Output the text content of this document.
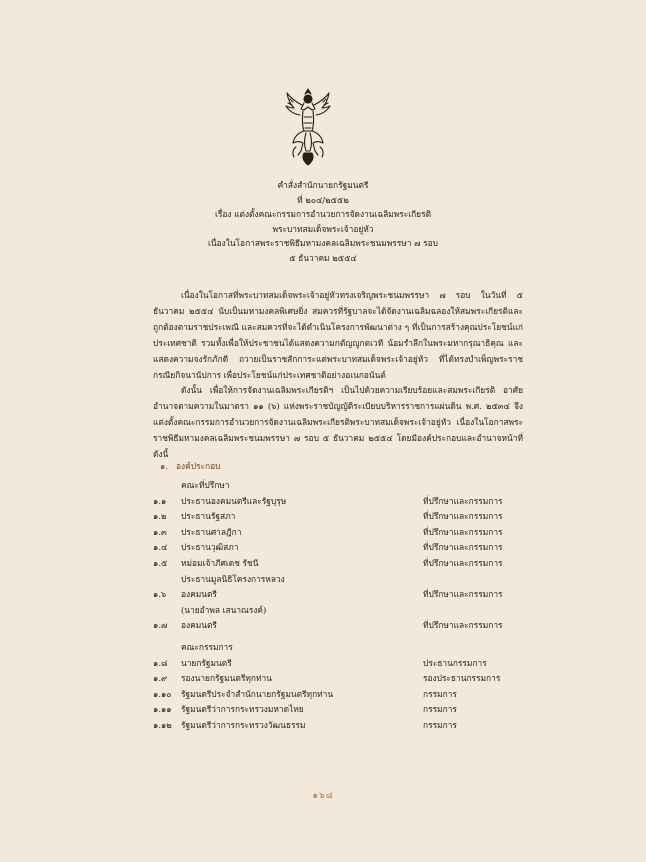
คำสั่งสำนักนายกรัฐมนตรี
ที่ ๒๐๔/๒๕๕๒
เรื่อง แต่งตั้งคณะกรรมการอำนวยการจัดงานเฉลิมพระเกียรติ
พระบาทสมเด็จพระเจ้าอยู่หัว
เนื่องในโอกาสพระราชพิธีมหามงคลเฉลิมพระชนมพรรษา ๗ รอบ
๕ ธันวาคม ๒๕๕๔
เนื่องในโอกาสที่พระบาทสมเด็จพระเจ้าอยู่หัวทรงเจริญพระชนมพรรษา ๗ รอบ ในวันที่ ๕ ธันวาคม ๒๕๕๔ นับเป็นมหามงคลพิเศษยิ่ง สมควรที่รัฐบาลจะได้จัดงานเฉลิมฉลองให้สมพระเกียรติและถูกต้องตามราชประเพณี และสมควรที่จะได้ดำเนินโครงการพัฒนาต่าง ๆ ที่เป็นการสร้างคุณประโยชน์แก่ประเทศชาติ รวมทั้งเพื่อให้ประชาชนได้แสดงความกตัญญูกตเวที น้อมรำลึกในพระมหากรุณาธิคุณ และแสดงความจงรักภักดี ถวายเป็นราชสักการะแด่พระบาทสมเด็จพระเจ้าอยู่หัว ที่ได้ทรงบำเพ็ญพระราชกรณียกิจนานัปการ เพื่อประโยชน์แก่ประเทศชาติอย่างอเนกอนันต์
ดังนั้น เพื่อให้การจัดงานเฉลิมพระเกียรติฯ เป็นไปด้วยความเรียบร้อยและสมพระเกียรติ อาศัยอำนาจตามความในมาตรา ๑๑ (๖) แห่งพระราชบัญญัติระเบียบบริหารราชการแผ่นดิน พ.ศ. ๒๕๓๔ จึงแต่งตั้งคณะกรรมการอำนวยการจัดงานเฉลิมพระเกียรติพระบาทสมเด็จพระเจ้าอยู่หัว เนื่องในโอกาสพระราชพิธีมหามงคลเฉลิมพระชนมพรรษา ๗ รอบ ๕ ธันวาคม ๒๕๕๔ โดยมีองค์ประกอบและอำนาจหน้าที่ ดังนี้
๑. องค์ประกอบ
คณะที่ปรึกษา
๑.๑	ประธานองคมนตรีและรัฐบุรุษ	ที่ปรึกษาและกรรมการ
๑.๒	ประธานรัฐสภา	ที่ปรึกษาและกรรมการ
๑.๓	ประธานศาลฎีกา	ที่ปรึกษาและกรรมการ
๑.๔	ประธานวุฒิสภา	ที่ปรึกษาและกรรมการ
๑.๕	หม่อมเจ้าภีศเดช รัชนี	ที่ปรึกษาและกรรมการ
ประธานมูลนิธิโครงการหลวง
๑.๖	องคมนตรี	ที่ปรึกษาและกรรมการ
(นายอำพล เสนาณรงค์)
๑.๗	องคมนตรี	ที่ปรึกษาและกรรมการ
คณะกรรมการ
๑.๘	นายกรัฐมนตรี	ประธานกรรมการ
๑.๙	รองนายกรัฐมนตรีทุกท่าน	รองประธานกรรมการ
๑.๑๐	รัฐมนตรีประจำสำนักนายกรัฐมนตรีทุกท่าน	กรรมการ
๑.๑๑	รัฐมนตรีว่าการกระทรวงมหาดไทย	กรรมการ
๑.๑๒	รัฐมนตรีว่าการกระทรวงวัฒนธรรม	กรรมการ
๑๖๘
